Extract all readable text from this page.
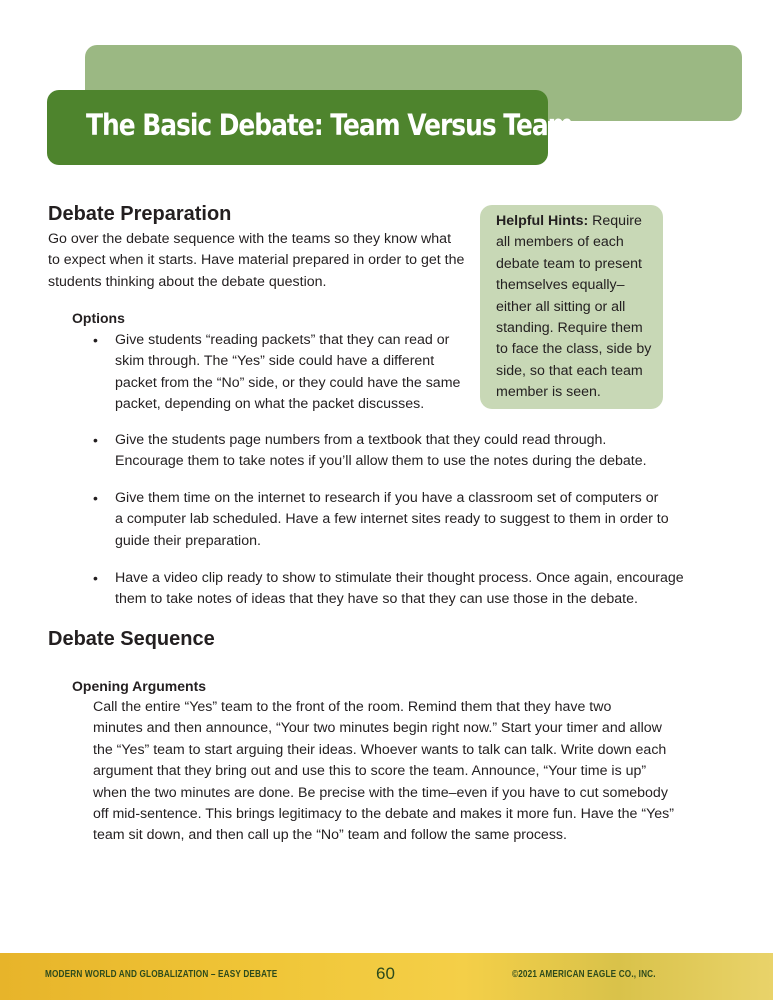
The Basic Debate: Team Versus Team
Debate Preparation
Go over the debate sequence with the teams so they know what
to expect when it starts. Have material prepared in order to get the
students thinking about the debate question.
Options
• Give students “reading packets” that they can read or
skim through. The “Yes” side could have a different
packet from the “No” side, or they could have the same
packet, depending on what the packet discusses.
• Give the students page numbers from a textbook that they could read through.
Encourage them to take notes if you’ll allow them to use the notes during the debate.
• Give them time on the internet to research if you have a classroom set of computers or
a computer lab scheduled. Have a few internet sites ready to suggest to them in order to
guide their preparation.
• Have a video clip ready to show to stimulate their thought process. Once again, encourage
them to take notes of ideas that they have so that they can use those in the debate.
Helpful Hints: Require
all members of each
debate team to present
themselves equally–
either all sitting or all
standing. Require them
to face the class, side by
side, so that each team
member is seen.
Debate Sequence
Opening Arguments
Call the entire “Yes” team to the front of the room. Remind them that they have two
minutes and then announce, “Your two minutes begin right now.” Start your timer and allow
the “Yes” team to start arguing their ideas. Whoever wants to talk can talk. Write down each
argument that they bring out and use this to score the team. Announce, “Your time is up”
when the two minutes are done. Be precise with the time–even if you have to cut somebody
off mid-sentence. This brings legitimacy to the debate and makes it more fun. Have the “Yes”
team sit down, and then call up the “No” team and follow the same process.
MODERN WORLD AND GLOBALIZATION – EASY DEBATE	60	©2021 AMERICAN EAGLE CO., INC.
